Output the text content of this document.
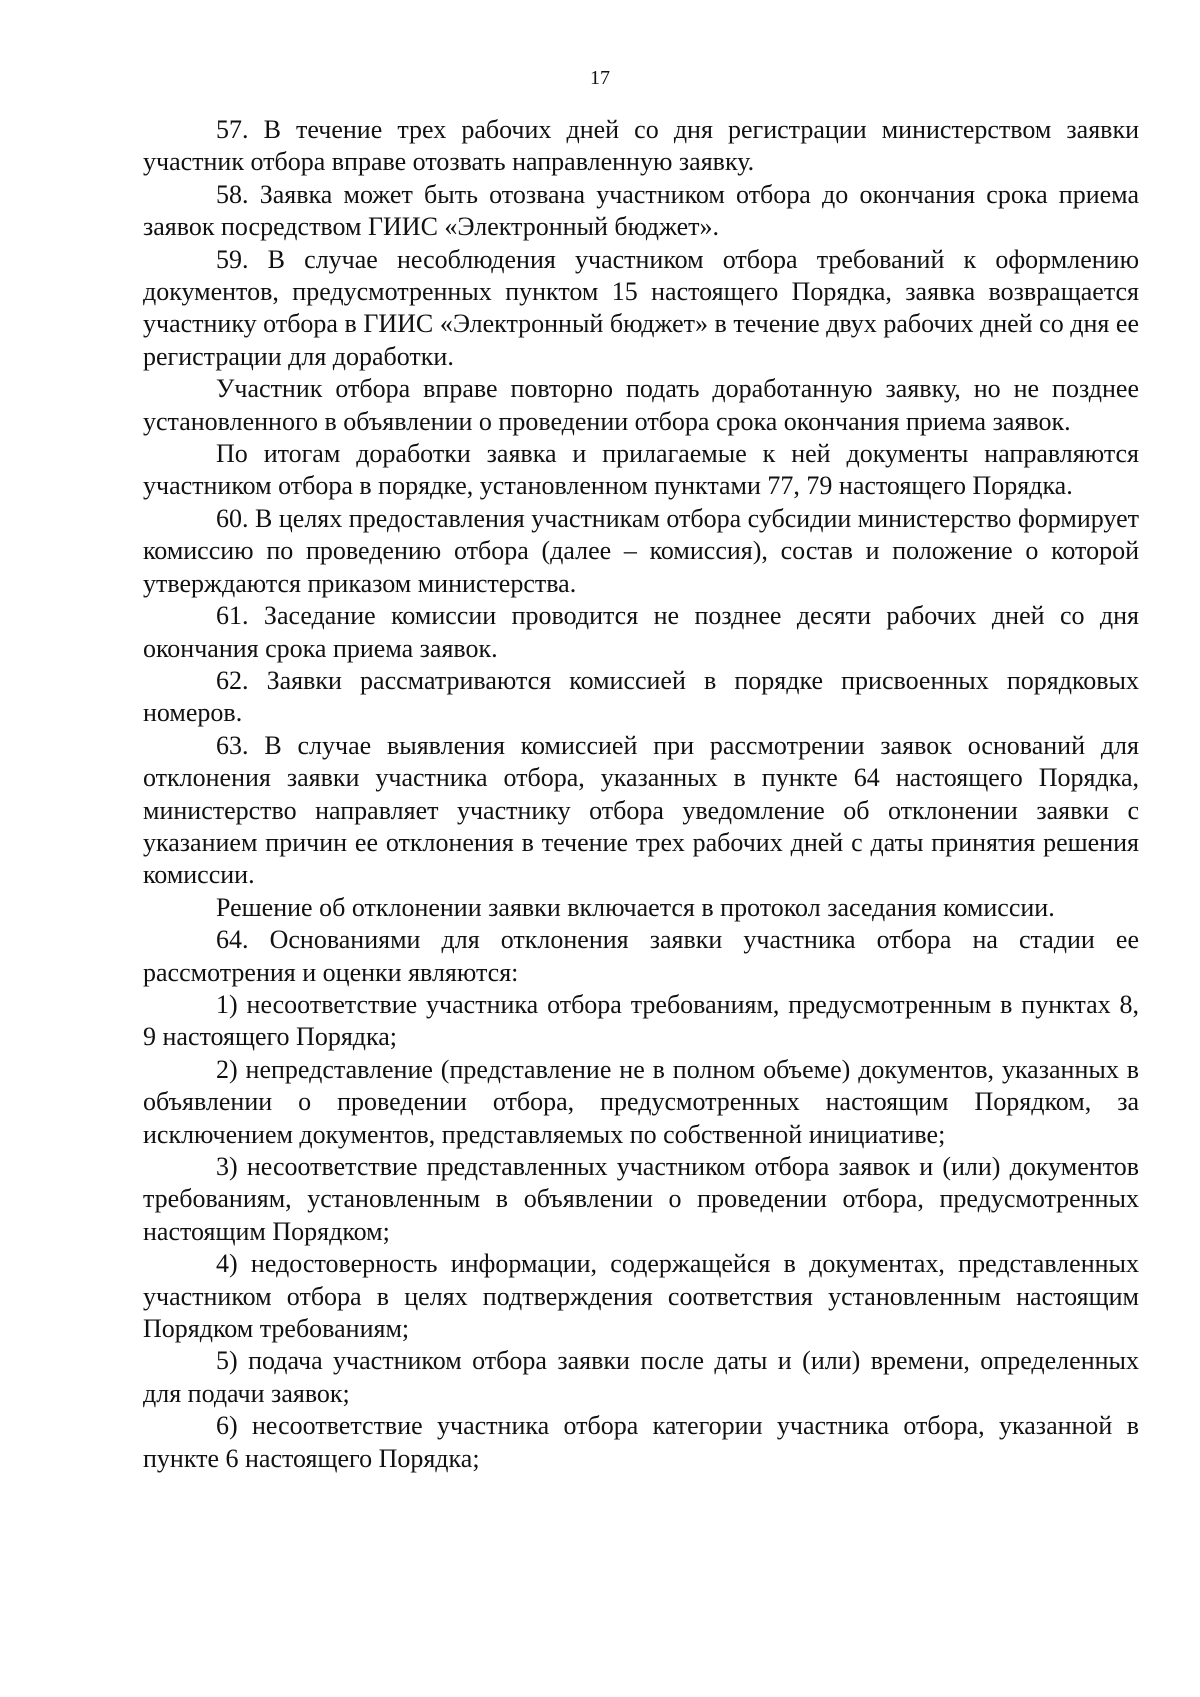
17

57. В течение трех рабочих дней со дня регистрации министерством заявки участник отбора вправе отозвать направленную заявку.

58. Заявка может быть отозвана участником отбора до окончания срока приема заявок посредством ГИИС «Электронный бюджет».

59. В случае несоблюдения участником отбора требований к оформлению документов, предусмотренных пунктом 15 настоящего Порядка, заявка возвращается участнику отбора в ГИИС «Электронный бюджет» в течение двух рабочих дней со дня ее регистрации для доработки.

Участник отбора вправе повторно подать доработанную заявку, но не позднее установленного в объявлении о проведении отбора срока окончания приема заявок.

По итогам доработки заявка и прилагаемые к ней документы направляются участником отбора в порядке, установленном пунктами 77, 79 настоящего Порядка.

60. В целях предоставления участникам отбора субсидии министерство формирует комиссию по проведению отбора (далее – комиссия), состав и положение о которой утверждаются приказом министерства.

61. Заседание комиссии проводится не позднее десяти рабочих дней со дня окончания срока приема заявок.

62. Заявки рассматриваются комиссией в порядке присвоенных порядковых номеров.

63. В случае выявления комиссией при рассмотрении заявок оснований для отклонения заявки участника отбора, указанных в пункте 64 настоящего Порядка, министерство направляет участнику отбора уведомление об отклонении заявки с указанием причин ее отклонения в течение трех рабочих дней с даты принятия решения комиссии.

Решение об отклонении заявки включается в протокол заседания комиссии.

64. Основаниями для отклонения заявки участника отбора на стадии ее рассмотрения и оценки являются:

1) несоответствие участника отбора требованиям, предусмотренным в пунктах 8, 9 настоящего Порядка;

2) непредставление (представление не в полном объеме) документов, указанных в объявлении о проведении отбора, предусмотренных настоящим Порядком, за исключением документов, представляемых по собственной инициативе;

3) несоответствие представленных участником отбора заявок и (или) документов требованиям, установленным в объявлении о проведении отбора, предусмотренных настоящим Порядком;

4) недостоверность информации, содержащейся в документах, представленных участником отбора в целях подтверждения соответствия установленным настоящим Порядком требованиям;

5) подача участником отбора заявки после даты и (или) времени, определенных для подачи заявок;

6) несоответствие участника отбора категории участника отбора, указанной в пункте 6 настоящего Порядка;
